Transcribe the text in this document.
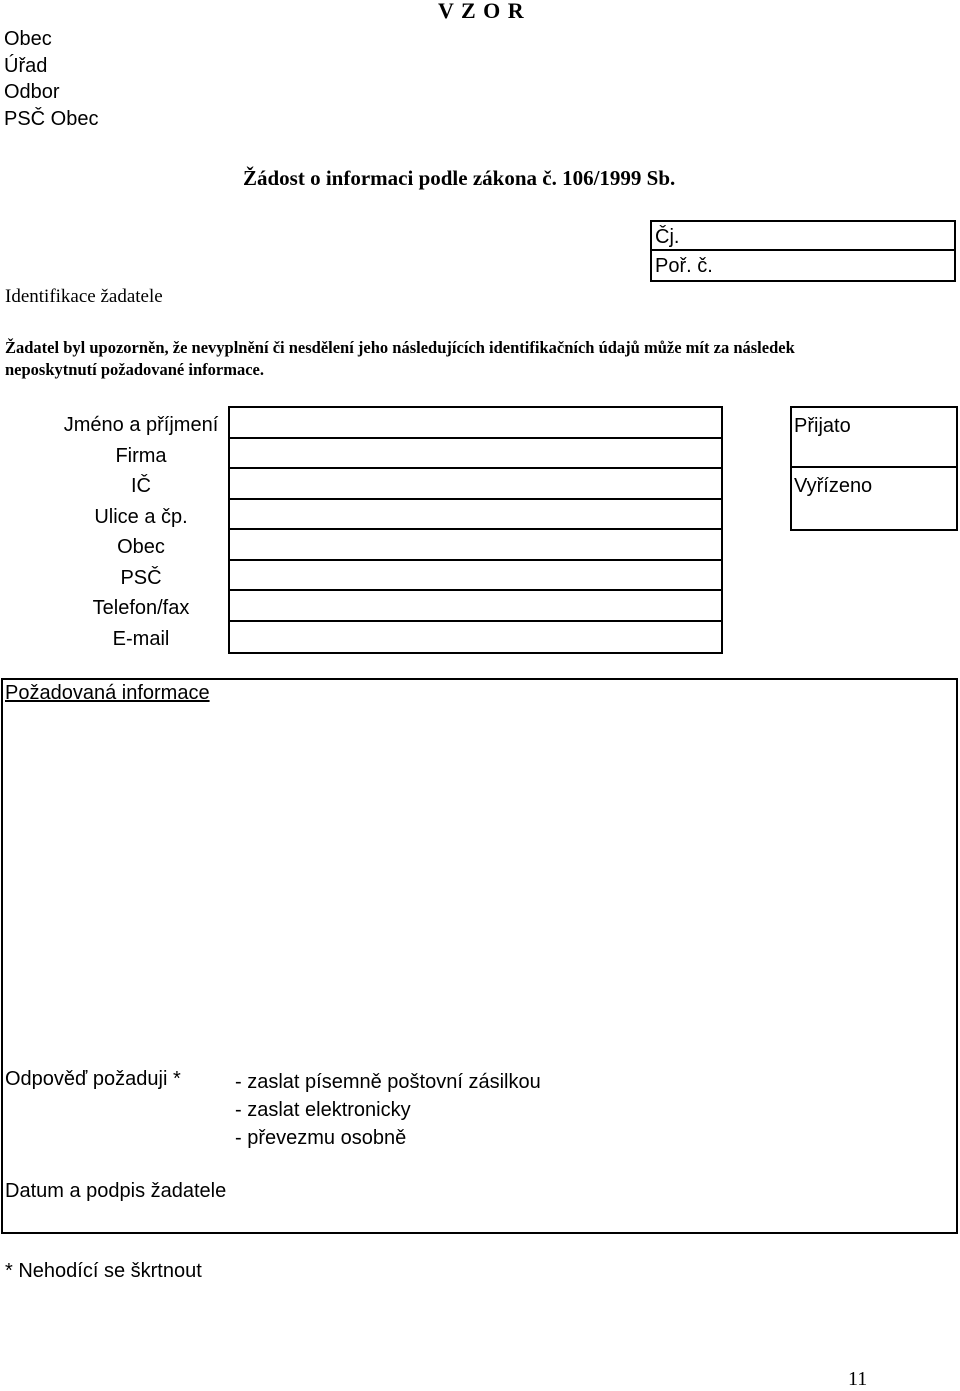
V Z O R
Obec
Úřad
Odbor
PSČ Obec
Žádost o informaci podle zákona č. 106/1999 Sb.
Identifikace žadatele
Čj.
Poř. č.
Žadatel byl upozorněn, že nevyplnění či nesdělení jeho následujících identifikačních údajů může mít za následek neposkytnutí požadované informace.
Jméno a příjmení
Firma
IČ
Ulice a čp.
Obec
PSČ
Telefon/fax
E-mail
Přijato
Vyřízeno
Požadovaná informace
Odpověď požaduji *	- zaslat písemně poštovní zásilkou
- zaslat elektronicky
- převezmu osobně
Datum a podpis žadatele
* Nehodící se škrtnout
11
